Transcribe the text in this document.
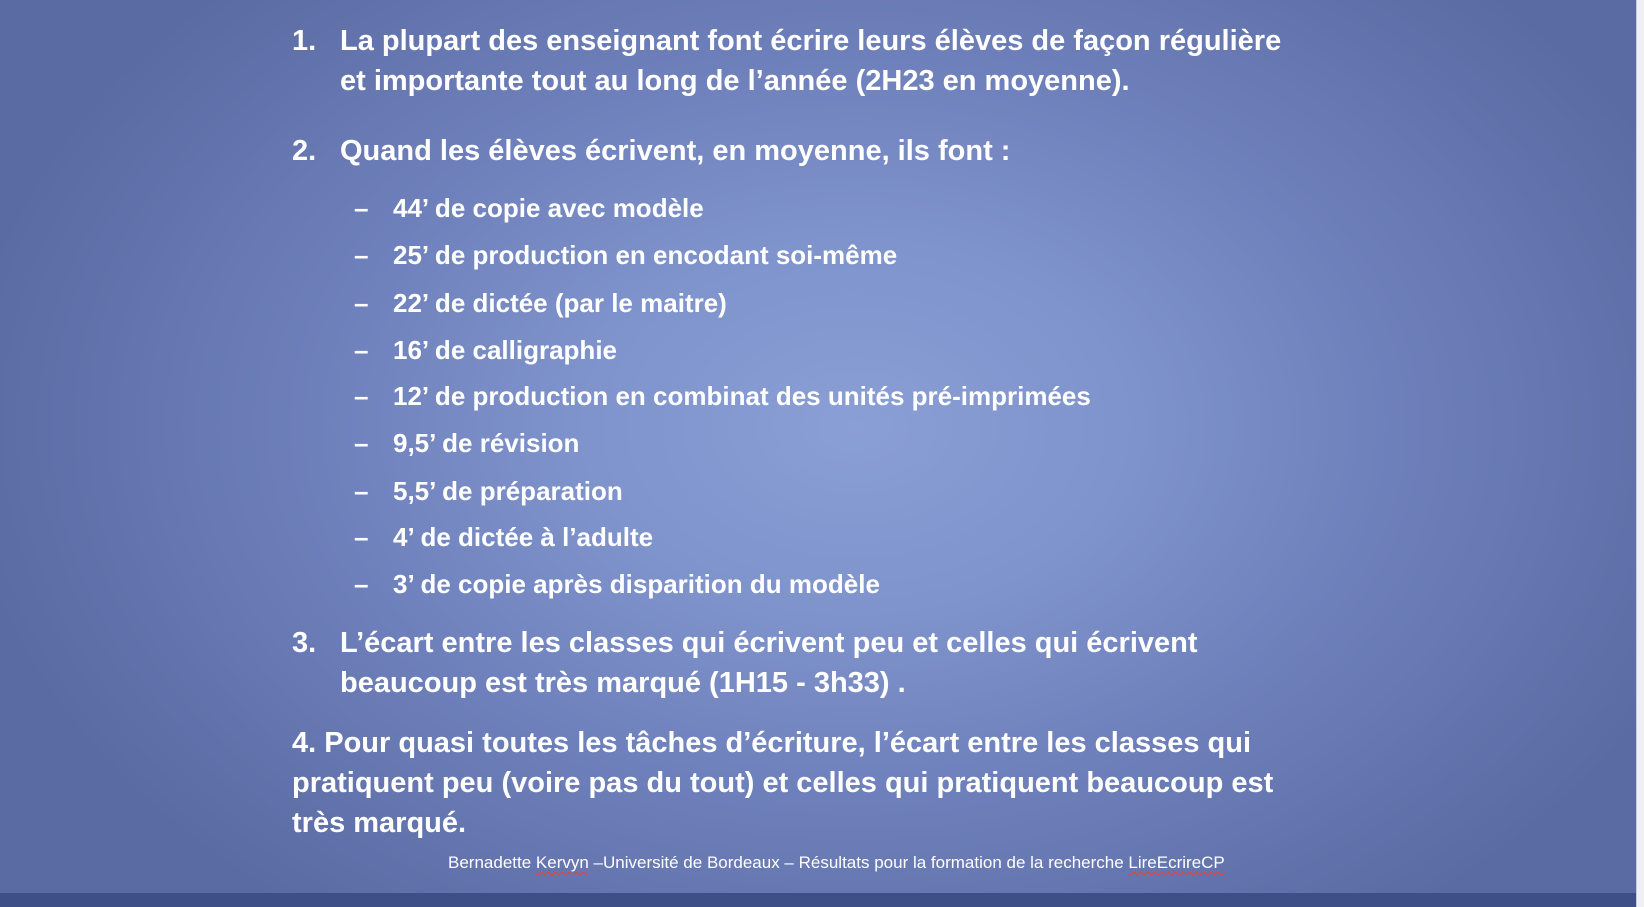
1. La plupart des enseignant font écrire leurs élèves de façon régulière
et importante tout au long de l’année (2H23 en moyenne).
2. Quand les élèves écrivent, en moyenne, ils font :
– 44’ de copie avec modèle
– 25’ de production en encodant soi-même
– 22’ de dictée (par le maitre)
– 16’ de calligraphie
– 12’ de production en combinat des unités pré-imprimées
– 9,5’ de révision
– 5,5’ de préparation
– 4’ de dictée à l’adulte
– 3’ de copie après disparition du modèle
3. L’écart entre les classes qui écrivent peu et celles qui écrivent
beaucoup est très marqué (1H15 - 3h33) .
4. Pour quasi toutes les tâches d’écriture, l’écart entre les classes qui
pratiquent peu (voire pas du tout) et celles qui pratiquent beaucoup est
très marqué.
Bernadette Kervyn –Université de Bordeaux – Résultats pour la formation de la recherche LireEcrireCP
